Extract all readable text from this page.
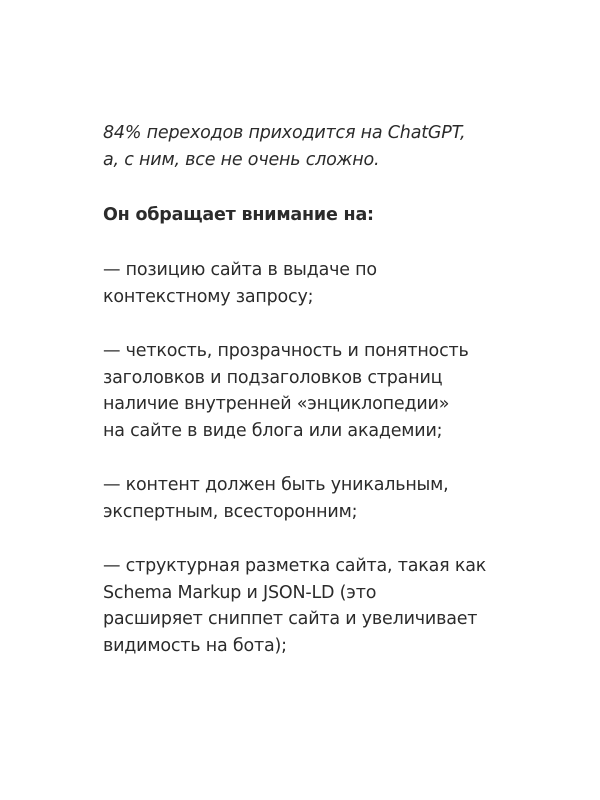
84% переходов приходится на ChatGPT,
а, с ним, все не очень сложно.

Он обращает внимание на:

— позицию сайта в выдаче по
контекстному запросу;

— четкость, прозрачность и понятность
заголовков и подзаголовков страниц
наличие внутренней «энциклопедии»
на сайте в виде блога или академии;

— контент должен быть уникальным,
экспертным, всесторонним;

— структурная разметка сайта, такая как
Schema Markup и JSON-LD (это
расширяет сниппет сайта и увеличивает
видимость на бота);
